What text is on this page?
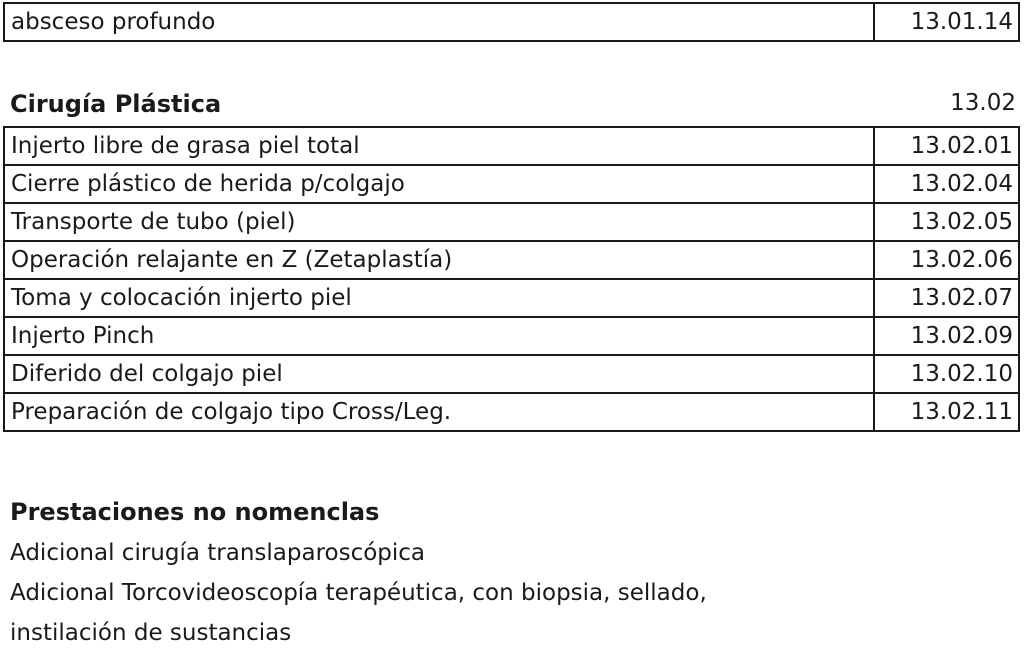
absceso profundo	13.01.14
Cirugía Plástica	13.02
Injerto libre de grasa piel total	13.02.01
Cierre plástico de herida p/colgajo	13.02.04
Transporte de tubo (piel)	13.02.05
Operación relajante en Z (Zetaplastía)	13.02.06
Toma y colocación injerto piel	13.02.07
Injerto Pinch	13.02.09
Diferido del colgajo piel	13.02.10
Preparación de colgajo tipo Cross/Leg.	13.02.11
Prestaciones no nomenclas
Adicional cirugía translaparoscópica
Adicional Torcovideoscopía terapéutica, con biopsia, sellado,
instilación de sustancias
